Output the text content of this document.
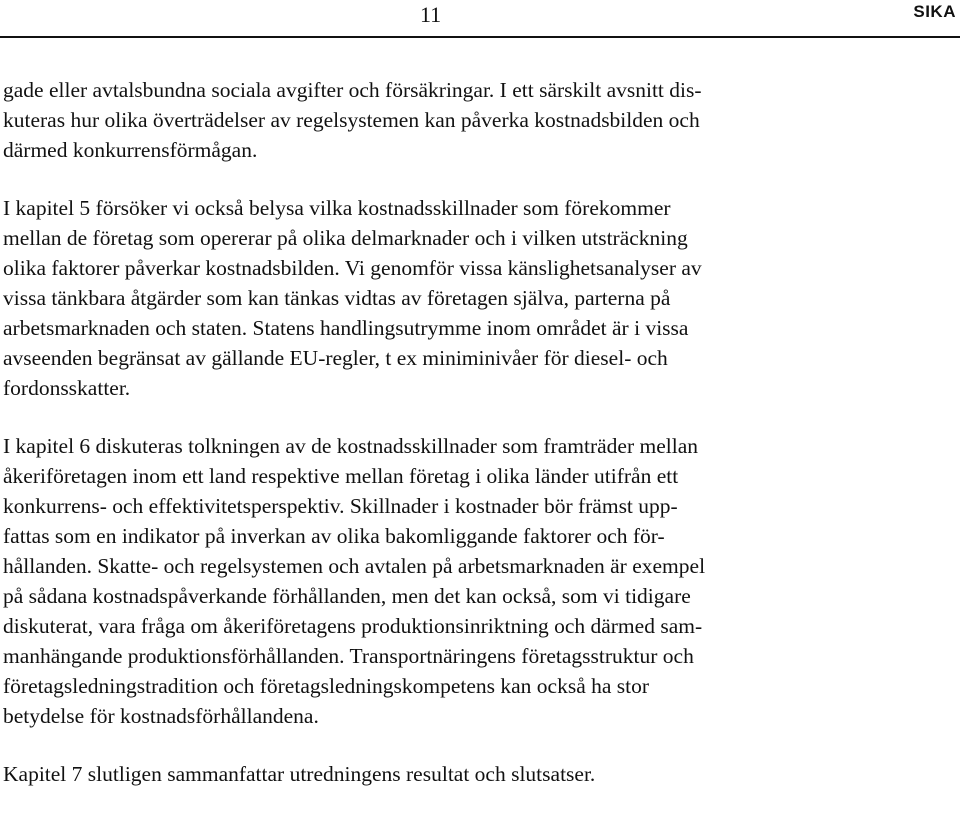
11	SIKA

gade eller avtalsbundna sociala avgifter och försäkringar. I ett särskilt avsnitt dis-
kuteras hur olika överträdelser av regelsystemen kan påverka kostnadsbilden och
därmed konkurrensförmågan.

I kapitel 5 försöker vi också belysa vilka kostnadsskillnader som förekommer
mellan de företag som opererar på olika delmarknader och i vilken utsträckning
olika faktorer påverkar kostnadsbilden. Vi genomför vissa känslighetsanalyser av
vissa tänkbara åtgärder som kan tänkas vidtas av företagen själva, parterna på
arbetsmarknaden och staten. Statens handlingsutrymme inom området är i vissa
avseenden begränsat av gällande EU-regler, t ex miniminivåer för diesel- och
fordonsskatter.

I kapitel 6 diskuteras tolkningen av de kostnadsskillnader som framträder mellan
åkeriföretagen inom ett land respektive mellan företag i olika länder utifrån ett
konkurrens- och effektivitetsperspektiv. Skillnader i kostnader bör främst upp-
fattas som en indikator på inverkan av olika bakomliggande faktorer och för-
hållanden. Skatte- och regelsystemen och avtalen på arbetsmarknaden är exempel
på sådana kostnadspåverkande förhållanden, men det kan också, som vi tidigare
diskuterat, vara fråga om åkeriföretagens produktionsinriktning och därmed sam-
manhängande produktionsförhållanden. Transportnäringens företagsstruktur och
företagsledningstradition och företagsledningskompetens kan också ha stor
betydelse för kostnadsförhållandena.

Kapitel 7 slutligen sammanfattar utredningens resultat och slutsatser.
